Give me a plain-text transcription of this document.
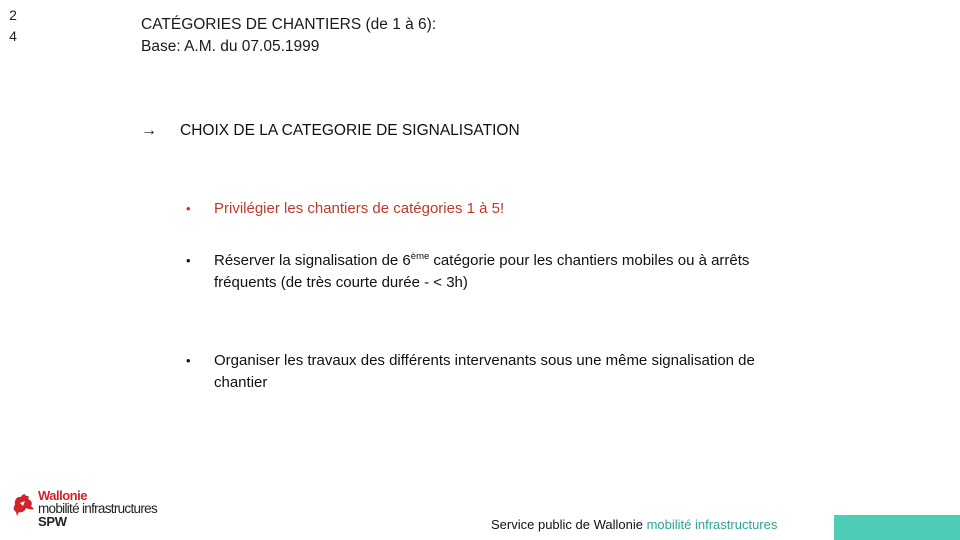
2
4
CATÉGORIES DE CHANTIERS (de 1 à 6):
Base: A.M. du 07.05.1999
→	CHOIX DE LA CATEGORIE DE SIGNALISATION
•	Privilégier les chantiers de catégories 1 à 5!
•	Réserver la signalisation de 6ème catégorie pour les chantiers mobiles ou à arrêts fréquents (de très courte durée - < 3h)
•	Organiser les travaux des différents intervenants sous une même signalisation de chantier
Wallonie
mobilité infrastructures
SPW	Service public de Wallonie mobilité infrastructures
